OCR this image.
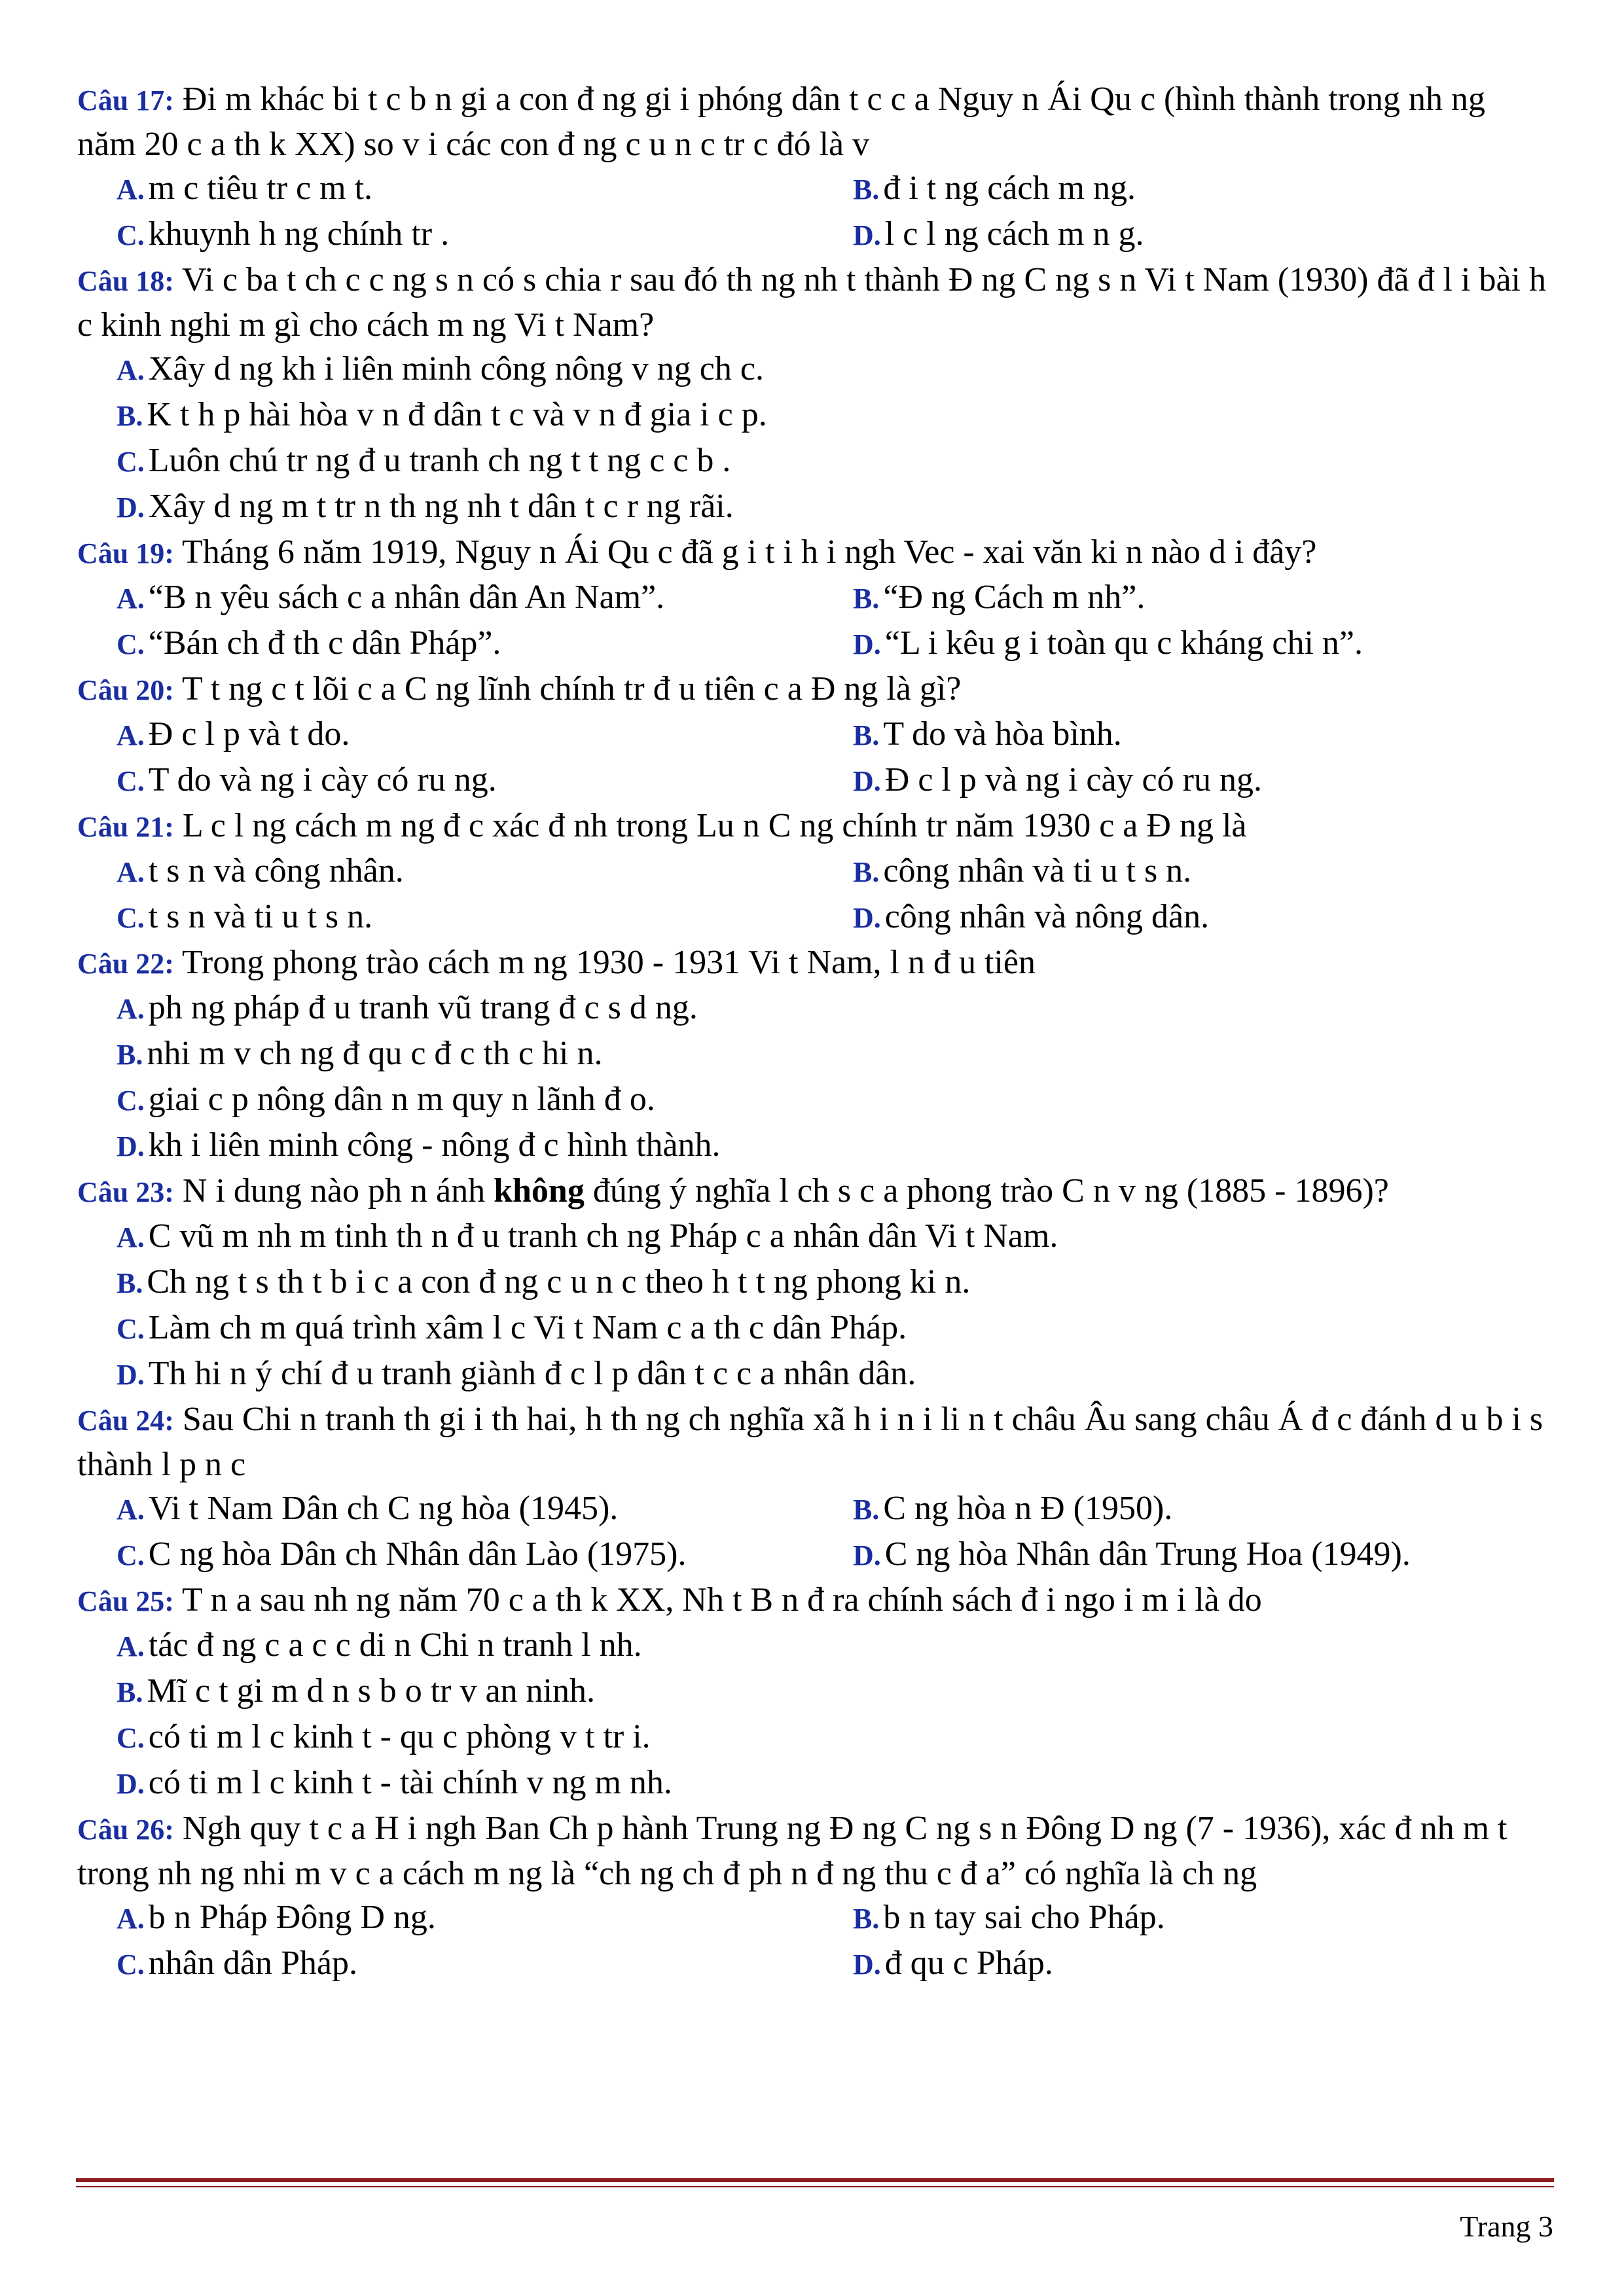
Câu 17: Đi m khác bi t c b n gi a con đ ng gi i phóng dân t c c a Nguy n Ái Qu c (hình thành trong nh ng năm 20 c a th k XX) so v i các con đ ng c u n c tr c đó là v

A. m c tiêu tr c m t.	B. đ i t ng cách m ng.
C. khuynh h ng chính tr .	D. l c l ng cách m n g.

Câu 18: Vi c ba t ch c c ng s n có s chia r sau đó th ng nh t thành Đ ng C ng s n Vi t Nam (1930) đã đ l i bài h c kinh nghi m gì cho cách m ng Vi t Nam?

A. Xây d ng kh i liên minh công nông v ng ch c.
B. K t h p hài hòa v n đ dân t c và v n đ gia i c p.
C. Luôn chú tr ng đ u tranh ch ng t t ng c c b .
D. Xây d ng m t tr n th ng nh t dân t c r ng rãi.

Câu 19: Tháng 6 năm 1919, Nguy n Ái Qu c đã g i t i h i ngh Vec - xai văn ki n nào d i đây?

A. “B n yêu sách c a nhân dân An Nam”.	B. “Đ ng Cách m nh”.
C. “Bán ch đ th c dân Pháp”.	D. “L i kêu g i toàn qu c kháng chi n”.

Câu 20: T t ng c t lõi c a C ng lĩnh chính tr đ u tiên c a Đ ng là gì?

A. Đ c l p và t do.	B. T do và hòa bình.
C. T do và ng i cày có ru ng.	D. Đ c l p và ng i cày có ru ng.

Câu 21: L c l ng cách m ng đ c xác đ nh trong Lu n C ng chính tr năm 1930 c a Đ ng là

A. t s n và công nhân.	B. công nhân và ti u t s n.
C. t s n và ti u t s n.	D. công nhân và nông dân.

Câu 22: Trong phong trào cách m ng 1930 - 1931 Vi t Nam, l n đ u tiên

A. ph ng pháp đ u tranh vũ trang đ c s d ng.
B. nhi m v ch ng đ qu c đ c th c hi n.
C. giai c p nông dân n m quy n lãnh đ o.
D. kh i liên minh công - nông đ c hình thành.

Câu 23: N i dung nào ph n ánh không đúng ý nghĩa l ch s c a phong trào C n v ng (1885 - 1896)?

A. C vũ m nh m tinh th n đ u tranh ch ng Pháp c a nhân dân Vi t Nam.
B. Ch ng t s th t b i c a con đ ng c u n c theo h t t ng phong ki n.
C. Làm ch m quá trình xâm l c Vi t Nam c a th c dân Pháp.
D. Th hi n ý chí đ u tranh giành đ c l p dân t c c a nhân dân.

Câu 24: Sau Chi n tranh th gi i th hai, h th ng ch nghĩa xã h i n i li n t châu Âu sang châu Á đ c đánh d u b i s thành l p n c

A. Vi t Nam Dân ch C ng hòa (1945).	B. C ng hòa n Đ (1950).
C. C ng hòa Dân ch Nhân dân Lào (1975).	D. C ng hòa Nhân dân Trung Hoa (1949).

Câu 25: T n a sau nh ng năm 70 c a th k XX, Nh t B n đ ra chính sách đ i ngo i m i là do

A. tác đ ng c a c c di n Chi n tranh l nh.
B. Mĩ c t gi m d n s b o tr v an ninh.
C. có ti m l c kinh t - qu c phòng v t tr i.
D. có ti m l c kinh t - tài chính v ng m nh.

Câu 26: Ngh quy t c a H i ngh Ban Ch p hành Trung ng Đ ng C ng s n Đông D ng (7 - 1936), xác đ nh m t trong nh ng nhi m v c a cách m ng là “ch ng ch đ ph n đ ng thu c đ a” có nghĩa là ch ng

A. b n Pháp Đông D ng.	B. b n tay sai cho Pháp.
C. nhân dân Pháp.	D. đ qu c Pháp.
Trang 3
